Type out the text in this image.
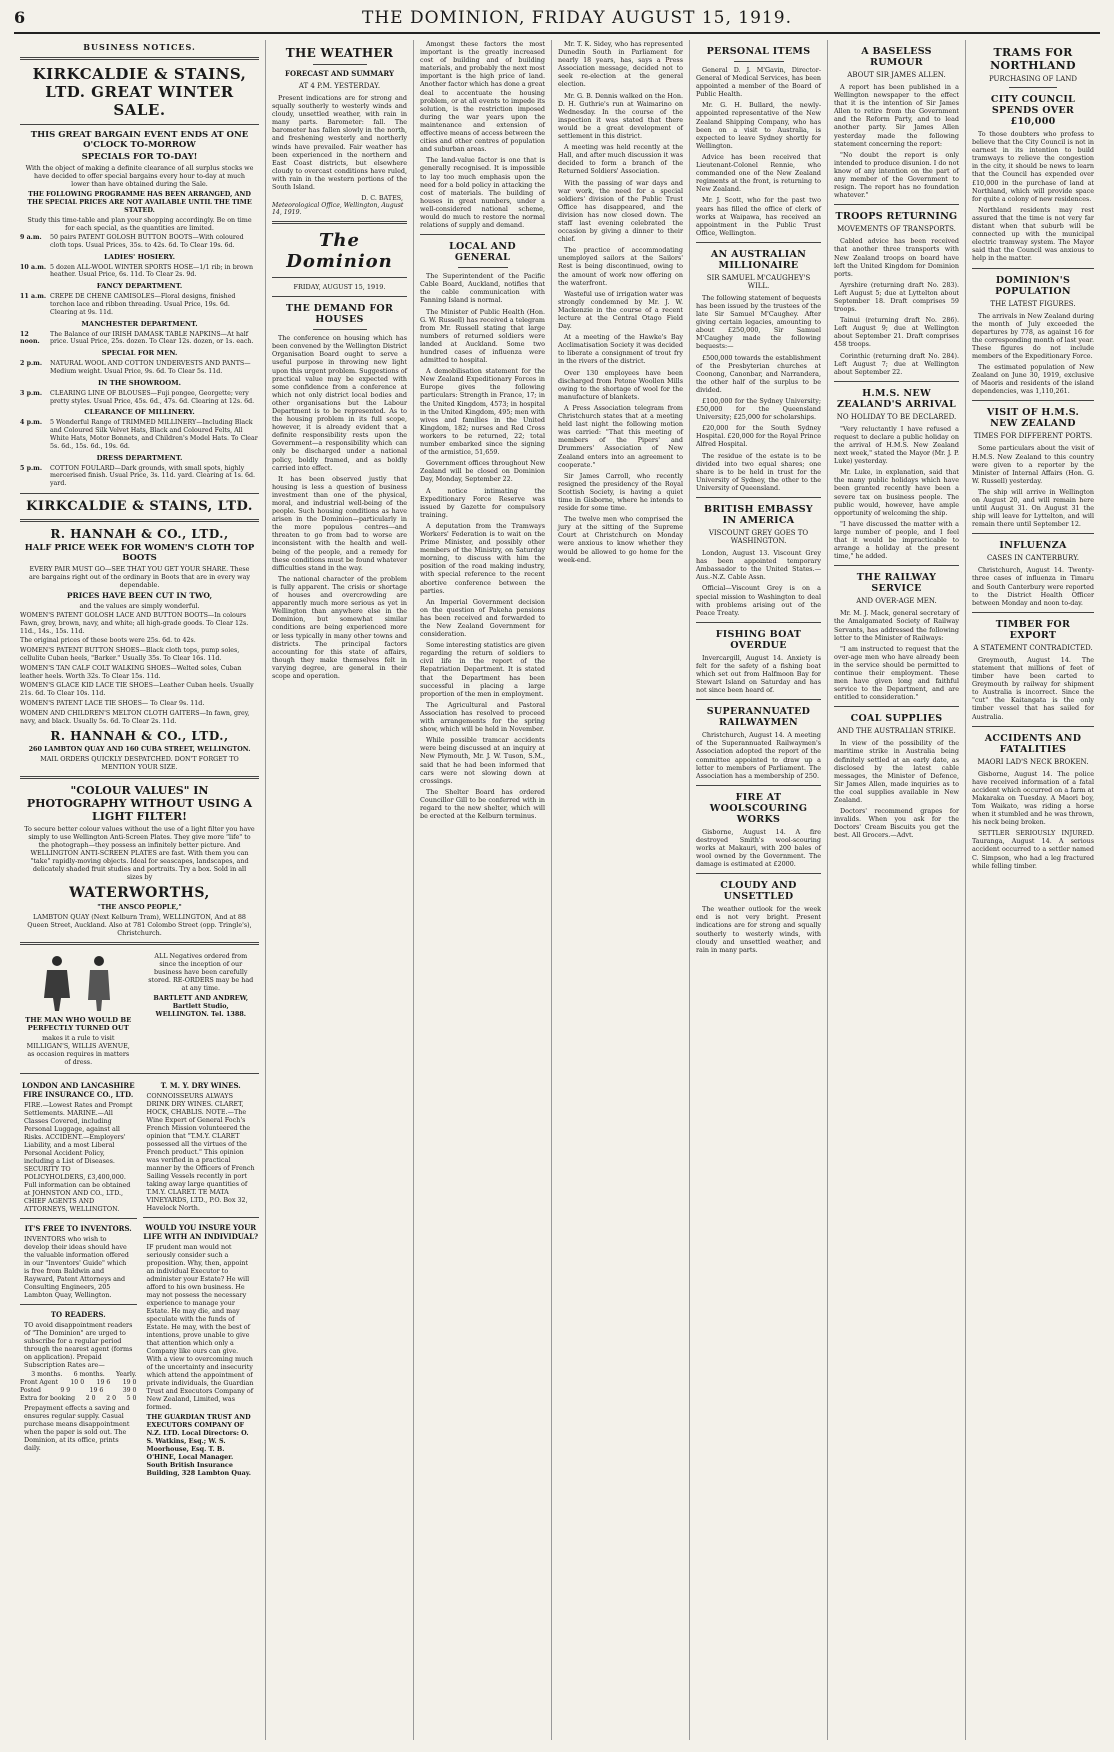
6	THE DOMINION, FRIDAY AUGUST 15, 1919.
BUSINESS NOTICES.
KIRKCALDIE & STAINS, LTD. GREAT WINTER SALE.
THIS GREAT BARGAIN EVENT ENDS AT ONE O'CLOCK TO-MORROW
SPECIALS FOR TO-DAY!
With the object of making a definite clearance of all surplus stocks we have decided to offer special bargains every hour to-day at much lower than have obtained during the Sale.
THE FOLLOWING PROGRAMME HAS BEEN ARRANGED, AND THE SPECIAL PRICES ARE NOT AVAILABLE UNTIL THE TIME STATED.
Study this time-table and plan your shopping accordingly. Be on time for each special, as the quantities are limited.
9 a.m.	50 pairs PATENT GOLOSH BUTTON BOOTS—With coloured cloth tops. Usual Prices, 35s. to 42s. 6d. To Clear 19s. 6d.
LADIES' HOSIERY.
10 a.m. 5 dozen ALL-WOOL WINTER SPORTS HOSE—1/1 rib; in brown heather. Usual Price, 6s. 11d. To Clear 2s. 9d.
FANCY DEPARTMENT.
11 a.m. CREPE DE CHENE CAMISOLES—Floral designs, finished torchon lace and ribbon threading. Usual Price, 19s. 6d. Clearing at 9s. 11d.
MANCHESTER DEPARTMENT.
12 noon.
The Balance of our IRISH DAMASK TABLE NAPKINS—At half price. Usual Price, 25s. dozen. To Clear 12s. dozen, or 1s. each.
SPECIAL FOR MEN.
2 p.m.	NATURAL WOOL AND COTTON UNDERVESTS AND PANTS—Medium weight. Usual Price, 9s. 6d. To Clear 5s. 11d.
IN THE SHOWROOM.
3 p.m.	CLEARING LINE OF BLOUSES—Fuji pongee, Georgette; very pretty styles. Usual Price, 45s. 6d., 47s. 6d. Clearing at 12s. 6d.
CLEARANCE OF MILLINERY.
4 p.m.	5 Wonderful Range of TRIMMED MILLINERY—Including Black and Coloured Silk Velvet Hats, Black and Coloured Felts, All White Hats, Motor Bonnets, and Children's Model Hats. To Clear 5s. 6d., 15s. 6d., 19s. 6d.
DRESS DEPARTMENT.
5 p.m.	COTTON FOULARD—Dark grounds, with small spots, highly mercerised finish. Usual Price, 3s. 11d. yard. Clearing at 1s. 6d. yard.
KIRKCALDIE & STAINS, LTD.
R. HANNAH & CO., LTD.,
HALF PRICE WEEK FOR WOMEN'S CLOTH TOP BOOTS
EVERY PAIR MUST GO—SEE THAT YOU GET YOUR SHARE. These are bargains right out of the ordinary in Boots that are in every way dependable.
PRICES HAVE BEEN CUT IN TWO,
and the values are simply wonderful.
WOMEN'S PATENT GOLOSH LACE AND BUTTON BOOTS—In colours Fawn, grey, brown, navy, and white; all high-grade goods. To Clear 12s. 11d., 14s., 15s. 11d.
The original prices of these boots were 25s. 6d. to 42s.
WOMEN'S PATENT BUTTON SHOES—Black cloth tops, pump soles, cellulite Cuban heels, "Barker." Usually 35s. To Clear 16s. 11d.
WOMEN'S TAN CALF COLT WALKING SHOES—Welted soles, Cuban leather heels. Worth 32s. To Clear 15s. 11d.
WOMEN'S GLACE KID LACE TIE SHOES—Leather Cuban heels. Usually 21s. 6d. To Clear 10s. 11d.
WOMEN'S PATENT LACE TIE SHOES— To Clear 9s. 11d.
WOMEN AND CHILDREN'S MELTON CLOTH GAITERS—In fawn, grey, navy, and black. Usually 5s. 6d. To Clear 2s. 11d.
R. HANNAH & CO., LTD.,
260 LAMBTON QUAY AND 160 CUBA STREET, WELLINGTON.
MAIL ORDERS QUICKLY DESPATCHED. DON'T FORGET TO MENTION YOUR SIZE.
"COLOUR VALUES" IN PHOTOGRAPHY WITHOUT USING A LIGHT FILTER!
To secure better colour values without the use of a light filter you have simply to use Wellington Anti-Screen Plates. They give more "life" to the photograph—they possess an infinitely better picture. And WELLINGTON ANTI-SCREEN PLATES are fast. With them you can "take" rapidly-moving objects. Ideal for seascapes, landscapes, and delicately shaded fruit studies and portraits. Try a box. Sold in all sizes by
WATERWORTHS,
"THE ANSCO PEOPLE,"
LAMBTON QUAY (Next Kelburn Tram), WELLINGTON, And at 88 Queen Street, Auckland. Also at 781 Colombo Street (opp. Tringle's), Christchurch.
THE MAN WHO WOULD BE PERFECTLY TURNED OUT
makes it a rule to visit MILLIGAN'S, WILLIS AVENUE, as occasion requires in matters of dress.
ALL Negatives ordered from since the inception of our business have been carefully stored. RE-ORDERS may be had at any time.
BARTLETT AND ANDREW, Bartlett Studio, WELLINGTON. Tel. 1388.
LONDON AND LANCASHIRE FIRE INSURANCE CO., LTD.
FIRE.—Lowest Rates and Prompt Settlements. MARINE.—All Classes Covered, including Personal Luggage, against all Risks. ACCIDENT.—Employers' Liability, and a most Liberal Personal Accident Policy, including a List of Diseases. SECURITY TO POLICYHOLDERS, £3,400,000. Full information can be obtained at JOHNSTON AND CO., LTD., CHIEF AGENTS AND ATTORNEYS, WELLINGTON.
IT'S FREE TO INVENTORS.
INVENTORS who wish to develop their ideas should have the valuable information offered in our "Inventors' Guide" which is free from Baldwin and Rayward, Patent Attorneys and Consulting Engineers, 205 Lambton Quay, Wellington.
TO READERS.
TO avoid disappointment readers of "The Dominion" are urged to subscribe for a regular period through the nearest agent (forms on application). Prepaid Subscription Rates are—
3 months. 6 months. Yearly.
Front Agent 10 0 19 6 19 0
Posted	9 9	19 6	39 0
Extra for booking 2 0 2 0 5 0
Prepayment effects a saving and ensures regular supply. Casual purchase means disappointment when the paper is sold out. The Dominion, at its office, prints daily.
T. M. Y. DRY WINES.
CONNOISSEURS ALWAYS DRINK DRY WINES. CLARET, HOCK, CHABLIS. NOTE.—The Wine Expert of General Foch's French Mission volunteered the opinion that "T.M.Y. CLARET possessed all the virtues of the French product." This opinion was verified in a practical manner by the Officers of French Sailing Vessels recently in port taking away large quantities of T.M.Y. CLARET. TE MATA VINEYARDS, LTD., P.O. Box 32, Havelock North.
WOULD YOU INSURE YOUR LIFE WITH AN INDIVIDUAL?
IF prudent man would not seriously consider such a proposition. Why, then, appoint an individual Executor to administer your Estate? He will afford to his own business. He may not possess the necessary experience to manage your Estate. He may die, and may speculate with the funds of Estate. He may, with the best of intentions, prove unable to give that attention which only a Company like ours can give. With a view to overcoming much of the uncertainty and insecurity which attend the appointment of private individuals, the Guardian Trust and Executors Company of New Zealand, Limited, was formed.
THE GUARDIAN TRUST AND EXECUTORS COMPANY OF N.Z. LTD. Local Directors: O. S. Watkins, Esq.; W. S. Moorhouse, Esq. T. B. O'HINE, Local Manager. South British Insurance Building, 328 Lambton Quay.
THE WEATHER
FORECAST AND SUMMARY
AT 4 P.M. YESTERDAY.

Present indications are for strong and squally southerly to westerly winds and cloudy, unsettled weather, with rain in many parts. Barometer: fall. The barometer has fallen slowly in the north, and freshening westerly and northerly winds have prevailed. Fair weather has been experienced in the northern and East Coast districts, but elsewhere cloudy to overcast conditions have ruled, with rain in the western portions of the South Island.

D. C. BATES,
Meteorological Office, Wellington, August 14, 1919.
The Dominion
FRIDAY, AUGUST 15, 1919.
THE DEMAND FOR HOUSES

The conference on housing which has been convened by the Wellington District Organisation Board ought to serve a useful purpose in throwing new light upon this urgent problem. Suggestions of practical value may be expected with some confidence from a conference at which not only district local bodies and other organisations but the Labour Department is to be represented. As to the housing problem in its full scope, however, it is already evident that a definite responsibility rests upon the Government—a responsibility which can only be discharged under a national policy, boldly framed, and as boldly carried into effect.

It has been observed justly that housing is less a question of business investment than one of the physical, moral, and industrial well-being of the people. Such housing conditions as have arisen in the Dominion—particularly in the more populous centres—and threaten to go from bad to worse are inconsistent with the health and well-being of the people, and a remedy for these conditions must be found whatever difficulties stand in the way.

The national character of the problem is fully apparent. The crisis or shortage of houses and overcrowding are apparently much more serious as yet in Wellington than anywhere else in the Dominion, but somewhat similar conditions are being experienced more or less typically in many other towns and districts. The principal factors accounting for this state of affairs, though they make themselves felt in varying degree, are general in their scope and operation.

Amongst these factors the most important is the greatly increased cost of building and of building materials, and probably the next most important is the high price of land. Another factor which has done a great deal to accentuate the housing problem, or at all events to impede its solution, is the restriction imposed during the war years upon the maintenance and extension of effective means of access between the cities and other centres of population and suburban areas.

The land-value factor is one that is generally recognised. It is impossible to lay too much emphasis upon the need for a bold policy in attacking the cost of materials. The building of houses in great numbers, under a well-considered national scheme, would do much to restore the normal relations of supply and demand.

LOCAL AND GENERAL

The Superintendent of the Pacific Cable Board, Auckland, notifies that the cable communication with Fanning Island is normal.

The Minister of Public Health (Hon. G. W. Russell) has received a telegram from Mr. Russell stating that large numbers of returned soldiers were landed at Auckland. Some two hundred cases of influenza were admitted to hospital.

A demobilisation statement for the New Zealand Expeditionary Forces in Europe gives the following particulars: Strength in France, 17; in the United Kingdom, 4573; in hospital in the United Kingdom, 495; men with wives and families in the United Kingdom, 182; nurses and Red Cross workers to be returned, 22; total number embarked since the signing of the armistice, 51,659.

Government offices throughout New Zealand will be closed on Dominion Day, Monday, September 22.

A notice intimating the Expeditionary Force Reserve was issued by Gazette for compulsory training.

A deputation from the Tramways Workers' Federation is to wait on the Prime Minister, and possibly other members of the Ministry, on Saturday morning, to discuss with him the position of the road making industry, with special reference to the recent abortive conference between the parties.

An Imperial Government decision on the question of Pakeha pensions has been received and forwarded to the New Zealand Government for consideration.

Some interesting statistics are given regarding the return of soldiers to civil life in the report of the Repatriation Department. It is stated that the Department has been successful in placing a large proportion of the men in employment.

The Agricultural and Pastoral Association has resolved to proceed with arrangements for the spring show, which will be held in November.

While possible tramcar accidents were being discussed at an inquiry at New Plymouth, Mr. J. W. Tuson, S.M., said that he had been informed that cars were not slowing down at crossings.

The Shelter Board has ordered Councillor Gill to be conferred with in regard to the new shelter, which will be erected at the Kelburn terminus.

Mr. T. K. Sidey, who has represented Dunedin South in Parliament for nearly 18 years, has, says a Press Association message, decided not to seek re-election at the general election.

Mr. G. B. Dennis walked on the Hon. D. H. Guthrie's run at Waimarino on Wednesday. In the course of the inspection it was stated that there would be a great development of settlement in this district.

A meeting was held recently at the Hall, and after much discussion it was decided to form a branch of the Returned Soldiers' Association.

With the passing of war days and war work, the need for a special soldiers' division of the Public Trust Office has disappeared, and the division has now closed down. The staff last evening celebrated the occasion by giving a dinner to their chief.

The practice of accommodating unemployed sailors at the Sailors' Rest is being discontinued, owing to the amount of work now offering on the waterfront.

Wasteful use of irrigation water was strongly condemned by Mr. J. W. Mackenzie in the course of a recent lecture at the Central Otago Field Day.

At a meeting of the Hawke's Bay Acclimatisation Society it was decided to liberate a consignment of trout fry in the rivers of the district.

Over 130 employees have been discharged from Petone Woollen Mills owing to the shortage of wool for the manufacture of blankets.

A Press Association telegram from Christchurch states that at a meeting held last night the following motion was carried: "That this meeting of members of the Pipers' and Drummers' Association of New Zealand enters into an agreement to cooperate."

Sir James Carroll, who recently resigned the presidency of the Royal Scottish Society, is having a quiet time in Gisborne, where he intends to reside for some time.

The twelve men who comprised the jury at the sitting of the Supreme Court at Christchurch on Monday were anxious to know whether they would be allowed to go home for the week-end.

PERSONAL ITEMS

General D. J. M'Gavin, Director-General of Medical Services, has been appointed a member of the Board of Public Health.

Mr. G. H. Bullard, the newly-appointed representative of the New Zealand Shipping Company, who has been on a visit to Australia, is expected to leave Sydney shortly for Wellington.

Advice has been received that Lieutenant-Colonel Rennie, who commanded one of the New Zealand regiments at the front, is returning to New Zealand.

Mr. J. Scott, who for the past two years has filled the office of clerk of works at Waipawa, has received an appointment in the Public Trust Office, Wellington.

AN AUSTRALIAN MILLIONAIRE
SIR SAMUEL M'CAUGHEY'S WILL.

The following statement of bequests has been issued by the trustees of the late Sir Samuel M'Caughey. After giving certain legacies, amounting to about £250,000, Sir Samuel M'Caughey made the following bequests:—

£500,000 towards the establishment of the Presbyterian churches at Coonong, Canonbar, and Narrandera, the other half of the surplus to be divided.

£100,000 for the Sydney University; £50,000 for the Queensland University; £25,000 for scholarships.

£20,000 for the South Sydney Hospital. £20,000 for the Royal Prince Alfred Hospital.

The residue of the estate is to be divided into two equal shares; one share is to be held in trust for the University of Sydney, the other to the University of Queensland.

BRITISH EMBASSY IN AMERICA
VISCOUNT GREY GOES TO WASHINGTON.

London, August 13. Viscount Grey has been appointed temporary Ambassador to the United States.—Aus.-N.Z. Cable Assn.

Official—Viscount Grey is on a special mission to Washington to deal with problems arising out of the Peace Treaty.

FISHING BOAT OVERDUE

Invercargill, August 14. Anxiety is felt for the safety of a fishing boat which set out from Halfmoon Bay for Stewart Island on Saturday and has not since been heard of.

SUPERANNUATED RAILWAYMEN

Christchurch, August 14. A meeting of the Superannuated Railwaymen's Association adopted the report of the committee appointed to draw up a letter to members of Parliament. The Association has a membership of 250.

FIRE AT WOOLSCOURING WORKS

Gisborne, August 14. A fire destroyed Smith's wool-scouring works at Makauri, with 200 bales of wool owned by the Government. The damage is estimated at £2000.

CLOUDY AND UNSETTLED

The weather outlook for the week end is not very bright. Present indications are for strong and squally southerly to westerly winds, with cloudy and unsettled weather, and rain in many parts.

A BASELESS RUMOUR
ABOUT SIR JAMES ALLEN.

A report has been published in a Wellington newspaper to the effect that it is the intention of Sir James Allen to retire from the Government and the Reform Party, and to lead another party. Sir James Allen yesterday made the following statement concerning the report:

"No doubt the report is only intended to produce disunion. I do not know of any intention on the part of any member of the Government to resign. The report has no foundation whatever."

TROOPS RETURNING
MOVEMENTS OF TRANSPORTS.

Cabled advice has been received that another three transports with New Zealand troops on board have left the United Kingdom for Dominion ports.

Ayrshire (returning draft No. 283). Left August 5; due at Lyttelton about September 18. Draft comprises 59 troops.

Tainui (returning draft No. 286). Left August 9; due at Wellington about September 21. Draft comprises 458 troops.

Corinthic (returning draft No. 284). Left August 7; due at Wellington about September 22.

H.M.S. NEW ZEALAND'S ARRIVAL
NO HOLIDAY TO BE DECLARED.

"Very reluctantly I have refused a request to declare a public holiday on the arrival of H.M.S. New Zealand next week," stated the Mayor (Mr. J. P. Luke) yesterday.

Mr. Luke, in explanation, said that the many public holidays which have been granted recently have been a severe tax on business people. The public would, however, have ample opportunity of welcoming the ship.

"I have discussed the matter with a large number of people, and I feel that it would be impracticable to arrange a holiday at the present time," he added.

THE RAILWAY SERVICE
AND OVER-AGE MEN.

Mr. M. J. Mack, general secretary of the Amalgamated Society of Railway Servants, has addressed the following letter to the Minister of Railways:

"I am instructed to request that the over-age men who have already been in the service should be permitted to continue their employment. These men have given long and faithful service to the Department, and are entitled to consideration."

COAL SUPPLIES
AND THE AUSTRALIAN STRIKE.

In view of the possibility of the maritime strike in Australia being definitely settled at an early date, as disclosed by the latest cable messages, the Minister of Defence, Sir James Allen, made inquiries as to the coal supplies available in New Zealand.

Doctors' recommend grapes for invalids. When you ask for the Doctors' Cream Biscuits you get the best. All Grocers.—Advt.

TRAMS FOR NORTHLAND
PURCHASING OF LAND
CITY COUNCIL SPENDS OVER £10,000

To those doubters who profess to believe that the City Council is not in earnest in its intention to build tramways to relieve the congestion in the city, it should be news to learn that the Council has expended over £10,000 in the purchase of land at Northland, which will provide space for quite a colony of new residences.

Northland residents may rest assured that the time is not very far distant when that suburb will be connected up with the municipal electric tramway system. The Mayor said that the Council was anxious to help in the matter.

DOMINION'S POPULATION
THE LATEST FIGURES.

The arrivals in New Zealand during the month of July exceeded the departures by 778, as against 16 for the corresponding month of last year. These figures do not include members of the Expeditionary Force.

The estimated population of New Zealand on June 30, 1919, exclusive of Maoris and residents of the island dependencies, was 1,110,261.

VISIT OF H.M.S. NEW ZEALAND
TIMES FOR DIFFERENT PORTS.

Some particulars about the visit of H.M.S. New Zealand to this country were given to a reporter by the Minister of Internal Affairs (Hon. G. W. Russell) yesterday.

The ship will arrive in Wellington on August 20, and will remain here until August 31. On August 31 the ship will leave for Lyttelton, and will remain there until September 12.

INFLUENZA
CASES IN CANTERBURY.

Christchurch, August 14. Twenty-three cases of influenza in Timaru and South Canterbury were reported to the District Health Officer between Monday and noon to-day.

TIMBER FOR EXPORT
A STATEMENT CONTRADICTED.

Greymouth, August 14. The statement that millions of feet of timber have been carted to Greymouth by railway for shipment to Australia is incorrect. Since the "cut" the Kaitangata is the only timber vessel that has sailed for Australia.

ACCIDENTS AND FATALITIES
MAORI LAD'S NECK BROKEN.

Gisborne, August 14. The police have received information of a fatal accident which occurred on a farm at Makaraka on Tuesday. A Maori boy, Tom Waikato, was riding a horse when it stumbled and he was thrown, his neck being broken.

SETTLER SERIOUSLY INJURED. Tauranga, August 14. A serious accident occurred to a settler named C. Simpson, who had a leg fractured while felling timber.
